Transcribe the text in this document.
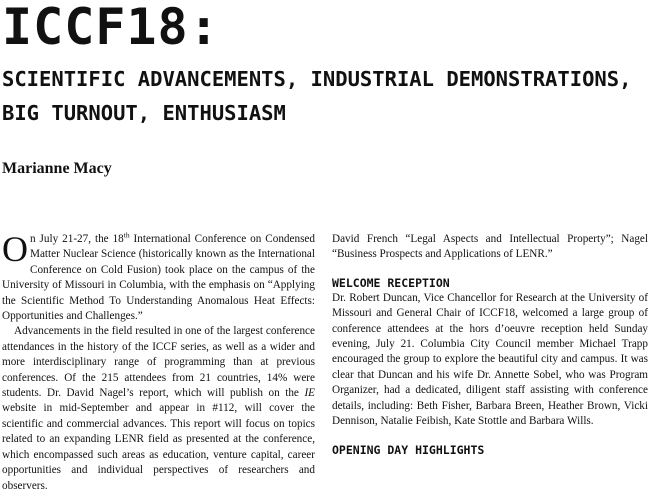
ICCF18:
SCIENTIFIC ADVANCEMENTS, INDUSTRIAL DEMONSTRATIONS, BIG TURNOUT, ENTHUSIASM
Marianne Macy

On July 21-27, the 18th International Conference on Condensed Matter Nuclear Science (historically known as the International Conference on Cold Fusion) took place on the campus of the University of Missouri in Columbia, with the emphasis on “Applying the Scientific Method To Understanding Anomalous Heat Effects: Opportunities and Challenges.”

Advancements in the field resulted in one of the largest conference attendances in the history of the ICCF series, as well as a wider and more interdisciplinary range of programming than at previous conferences. Of the 215 attendees from 21 countries, 14% were students. Dr. David Nagel’s report, which will publish on the IE website in mid-September and appear in #112, will cover the scientific and commercial advances. This report will focus on topics related to an expanding LENR field as presented at the conference, which encompassed such areas as education, venture capital, career opportunities and individual perspectives of researchers and observers.

David French “Legal Aspects and Intellectual Property”; Nagel “Business Prospects and Applications of LENR.”

WELCOME RECEPTION

Dr. Robert Duncan, Vice Chancellor for Research at the University of Missouri and General Chair of ICCF18, welcomed a large group of conference attendees at the hors d’oeuvre reception held Sunday evening, July 21. Columbia City Council member Michael Trapp encouraged the group to explore the beautiful city and campus. It was clear that Duncan and his wife Dr. Annette Sobel, who was Program Organizer, had a dedicated, diligent staff assisting with conference details, including: Beth Fisher, Barbara Breen, Heather Brown, Vicki Dennison, Natalie Feibish, Kate Stottle and Barbara Wills.

OPENING DAY HIGHLIGHTS
